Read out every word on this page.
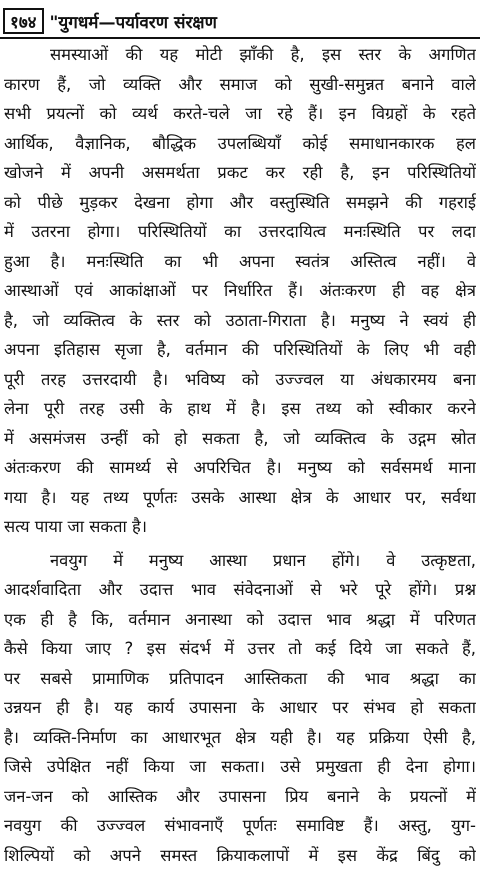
१७४ "युगधर्म—पर्यावरण संरक्षण
समस्याओं की यह मोटी झाँकी है, इस स्तर के अगणित
कारण हैं, जो व्यक्ति और समाज को सुखी-समुन्नत बनाने वाले
सभी प्रयत्नों को व्यर्थ करते-चले जा रहे हैं। इन विग्रहों के रहते
आर्थिक, वैज्ञानिक, बौद्धिक उपलब्धियाँ कोई समाधानकारक हल
खोजने में अपनी असमर्थता प्रकट कर रही है, इन परिस्थितियों
को पीछे मुड़कर देखना होगा और वस्तुस्थिति समझने की गहराई
में उतरना होगा। परिस्थितियों का उत्तरदायित्व मनःस्थिति पर लदा
हुआ है। मनःस्थिति का भी अपना स्वतंत्र अस्तित्व नहीं। वे
आस्थाओं एवं आकांक्षाओं पर निर्धारित हैं। अंतःकरण ही वह क्षेत्र
है, जो व्यक्तित्व के स्तर को उठाता-गिराता है। मनुष्य ने स्वयं ही
अपना इतिहास सृजा है, वर्तमान की परिस्थितियों के लिए भी वही
पूरी तरह उत्तरदायी है। भविष्य को उज्ज्वल या अंधकारमय बना
लेना पूरी तरह उसी के हाथ में है। इस तथ्य को स्वीकार करने
में असमंजस उन्हीं को हो सकता है, जो व्यक्तित्व के उद्गम स्रोत
अंतःकरण की सामर्थ्य से अपरिचित है। मनुष्य को सर्वसमर्थ माना
गया है। यह तथ्य पूर्णतः उसके आस्था क्षेत्र के आधार पर, सर्वथा
सत्य पाया जा सकता है।
नवयुग में मनुष्य आस्था प्रधान होंगे। वे उत्कृष्टता,
आदर्शवादिता और उदात्त भाव संवेदनाओं से भरे पूरे होंगे। प्रश्न
एक ही है कि, वर्तमान अनास्था को उदात्त भाव श्रद्धा में परिणत
कैसे किया जाए ? इस संदर्भ में उत्तर तो कई दिये जा सकते हैं,
पर सबसे प्रामाणिक प्रतिपादन आस्तिकता की भाव श्रद्धा का
उन्नयन ही है। यह कार्य उपासना के आधार पर संभव हो सकता
है। व्यक्ति-निर्माण का आधारभूत क्षेत्र यही है। यह प्रक्रिया ऐसी है,
जिसे उपेक्षित नहीं किया जा सकता। उसे प्रमुखता ही देना होगा।
जन-जन को आस्तिक और उपासना प्रिय बनाने के प्रयत्नों में
नवयुग की उज्ज्वल संभावनाएँ पूर्णतः समाविष्ट हैं। अस्तु, युग-
शिल्पियों को अपने समस्त क्रियाकलापों में इस केंद्र बिंदु को
